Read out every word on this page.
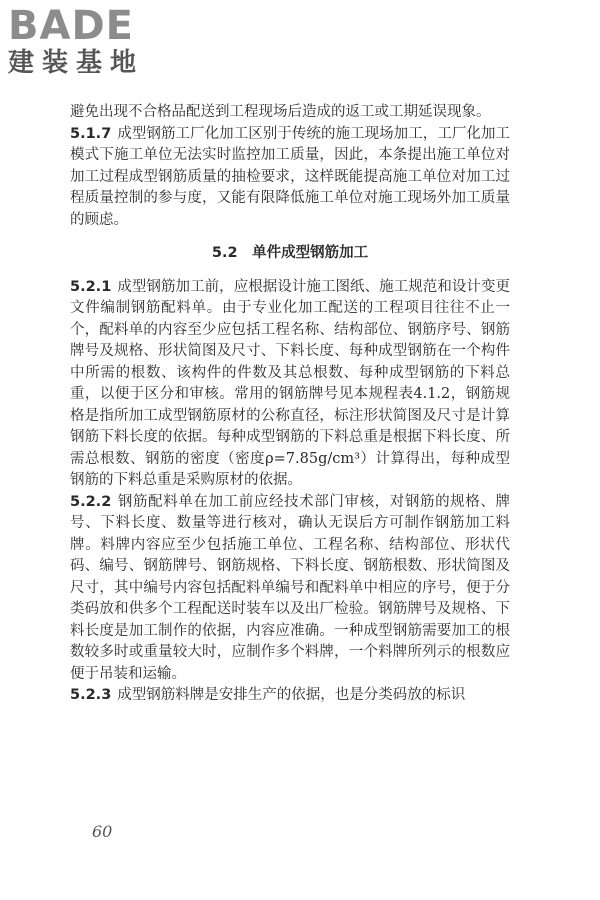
BADE
建装基地

避免出现不合格品配送到工程现场后造成的返工或工期延误现象。

5.1.7 成型钢筋工厂化加工区别于传统的施工现场加工，工厂化加工模式下施工单位无法实时监控加工质量，因此，本条提出施工单位对加工过程成型钢筋质量的抽检要求，这样既能提高施工单位对加工过程质量控制的参与度，又能有限降低施工单位对施工现场外加工质量的顾虑。

5.2　单件成型钢筋加工

5.2.1 成型钢筋加工前，应根据设计施工图纸、施工规范和设计变更文件编制钢筋配料单。由于专业化加工配送的工程项目往往不止一个，配料单的内容至少应包括工程名称、结构部位、钢筋序号、钢筋牌号及规格、形状简图及尺寸、下料长度、每种成型钢筋在一个构件中所需的根数、该构件的件数及其总根数、每种成型钢筋的下料总重，以便于区分和审核。常用的钢筋牌号见本规程表4.1.2，钢筋规格是指所加工成型钢筋原材的公称直径，标注形状简图及尺寸是计算钢筋下料长度的依据。每种成型钢筋的下料总重是根据下料长度、所需总根数、钢筋的密度（密度ρ=7.85g/cm³）计算得出，每种成型钢筋的下料总重是采购原材的依据。

5.2.2 钢筋配料单在加工前应经技术部门审核，对钢筋的规格、牌号、下料长度、数量等进行核对，确认无误后方可制作钢筋加工料牌。料牌内容应至少包括施工单位、工程名称、结构部位、形状代码、编号、钢筋牌号、钢筋规格、下料长度、钢筋根数、形状简图及尺寸，其中编号内容包括配料单编号和配料单中相应的序号，便于分类码放和供多个工程配送时装车以及出厂检验。钢筋牌号及规格、下料长度是加工制作的依据，内容应准确。一种成型钢筋需要加工的根数较多时或重量较大时，应制作多个料牌，一个料牌所列示的根数应便于吊装和运输。

5.2.3 成型钢筋料牌是安排生产的依据，也是分类码放的标识

60
